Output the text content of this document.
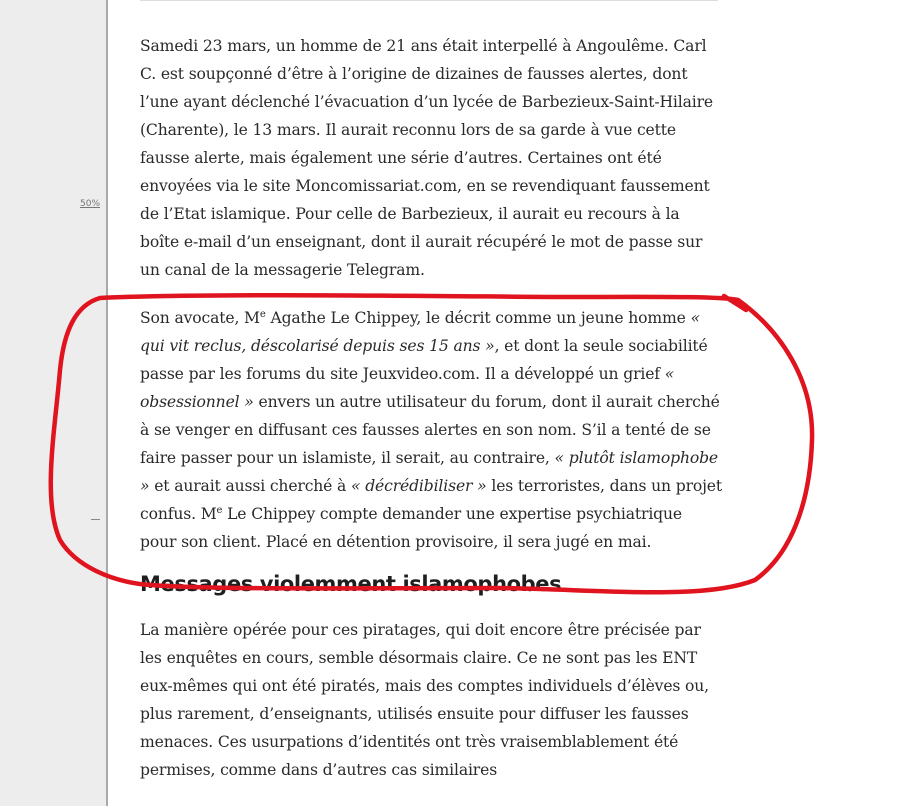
50%

Samedi 23 mars, un homme de 21 ans était interpellé à Angoulême. Carl C. est soupçonné d’être à l’origine de dizaines de fausses alertes, dont l’une ayant déclenché l’évacuation d’un lycée de Barbezieux-Saint-Hilaire (Charente), le 13 mars. Il aurait reconnu lors de sa garde à vue cette fausse alerte, mais également une série d’autres. Certaines ont été envoyées via le site Moncomissariat.com, en se revendiquant faussement de l’Etat islamique. Pour celle de Barbezieux, il aurait eu recours à la boîte e-mail d’un enseignant, dont il aurait récupéré le mot de passe sur un canal de la messagerie Telegram.

Son avocate, Me Agathe Le Chippey, le décrit comme un jeune homme « qui vit reclus, déscolarisé depuis ses 15 ans », et dont la seule sociabilité passe par les forums du site Jeuxvideo.com. Il a développé un grief « obsessionnel » envers un autre utilisateur du forum, dont il aurait cherché à se venger en diffusant ces fausses alertes en son nom. S’il a tenté de se faire passer pour un islamiste, il serait, au contraire, « plutôt islamophobe » et aurait aussi cherché à « décrédibiliser » les terroristes, dans un projet confus. Me Le Chippey compte demander une expertise psychiatrique pour son client. Placé en détention provisoire, il sera jugé en mai.

Messages violemment islamophobes

La manière opérée pour ces piratages, qui doit encore être précisée par les enquêtes en cours, semble désormais claire. Ce ne sont pas les ENT eux-mêmes qui ont été piratés, mais des comptes individuels d’élèves ou, plus rarement, d’enseignants, utilisés ensuite pour diffuser les fausses menaces. Ces usurpations d’identités ont très vraisemblablement été permises, comme dans d’autres cas similaires
